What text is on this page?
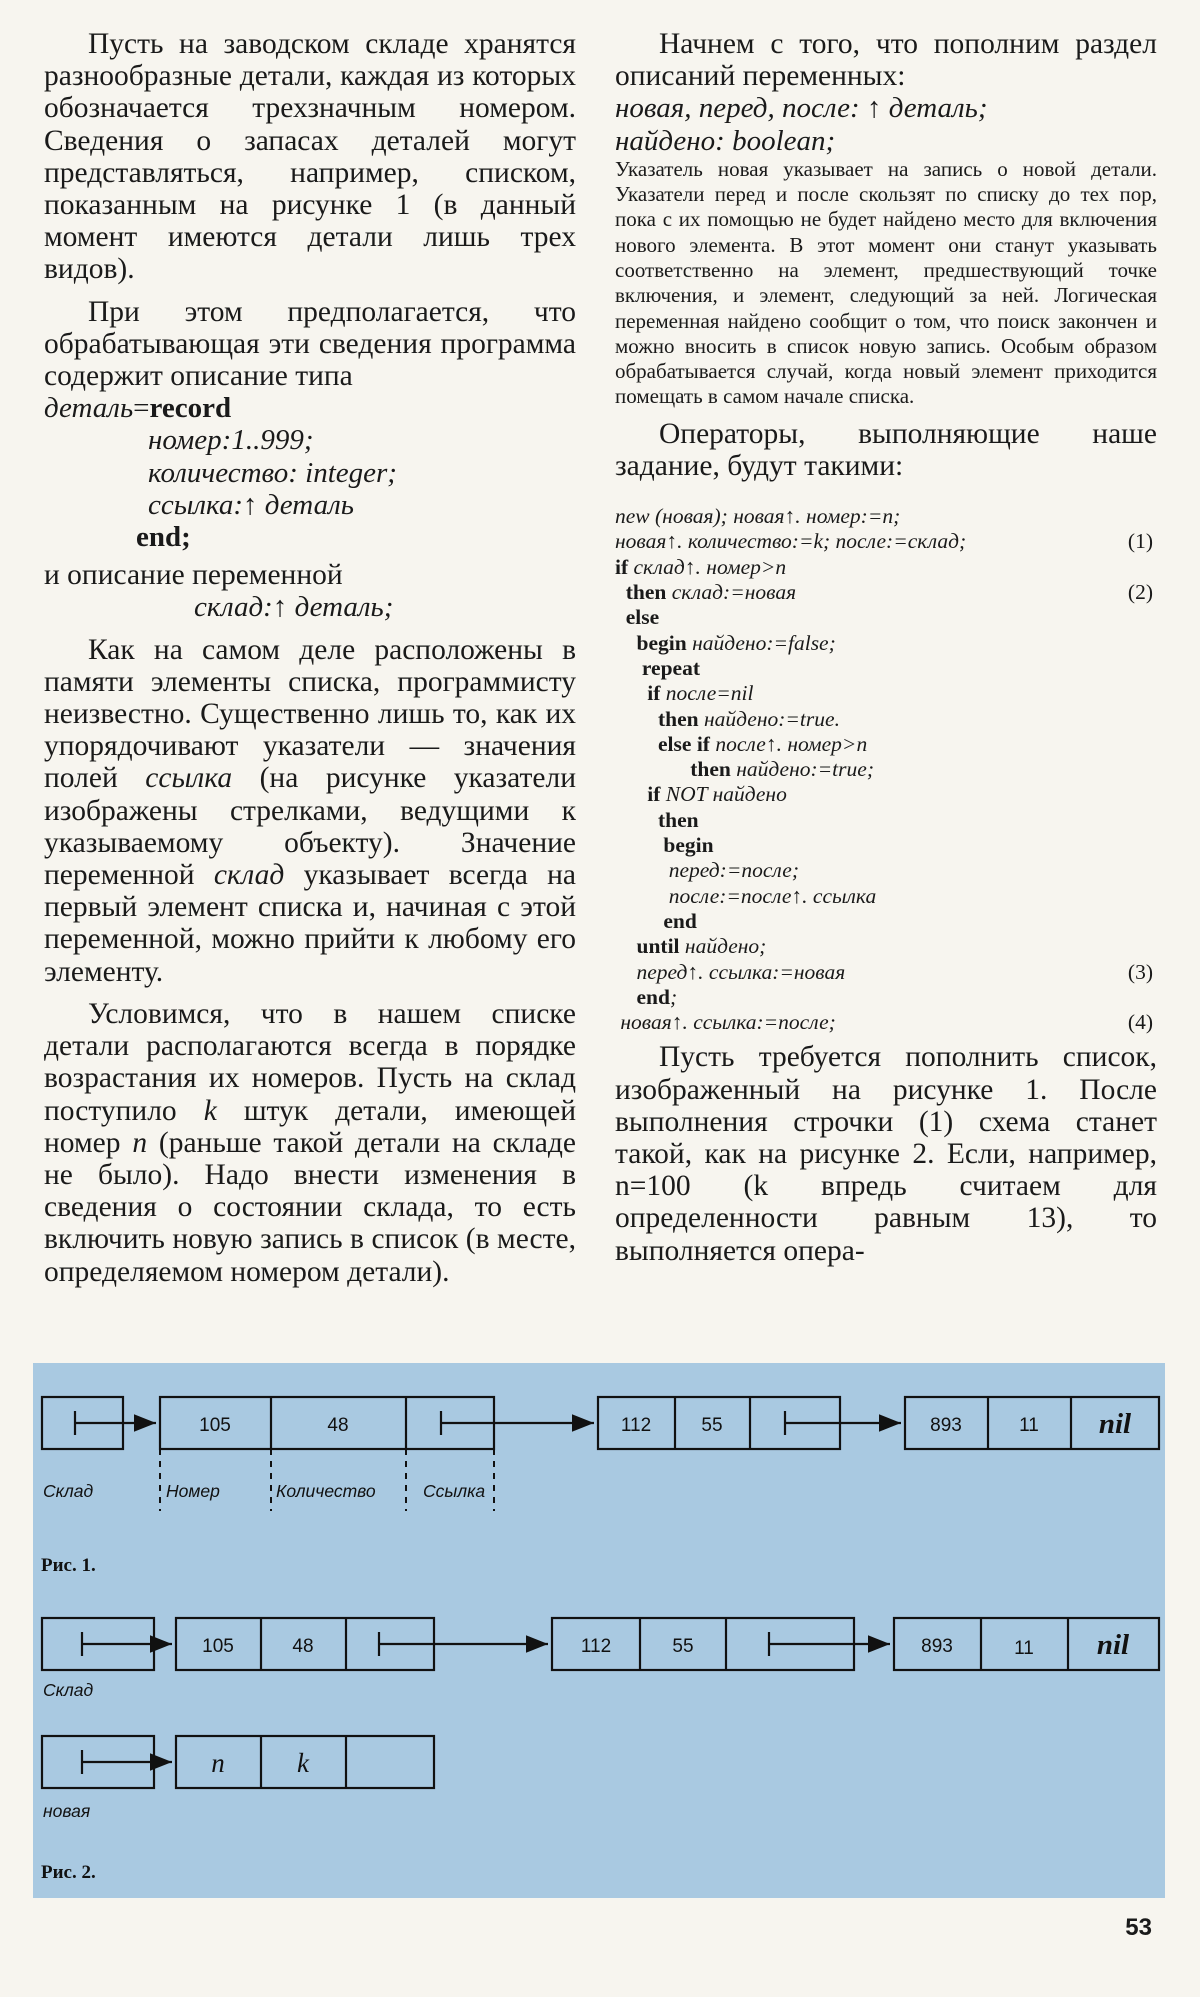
Пусть на заводском складе хранятся разнообразные детали, каждая из которых обозначается трехзначным номером. Сведения о запасах деталей могут представляться, например, списком, показанным на рисунке 1 (в данный момент имеются детали лишь трех видов).

При этом предполагается, что обрабатывающая эти сведения программа содержит описание типа

деталь=record
номер:1..999;
количество: integer;
ссылка:↑ деталь
end;

и описание переменной

склад:↑ деталь;

Как на самом деле расположены в памяти элементы списка, программисту неизвестно. Существенно лишь то, как их упорядочивают указатели — значения полей ссылка (на рисунке указатели изображены стрелками, ведущими к указываемому объекту). Значение переменной склад указывает всегда на первый элемент списка и, начиная с этой переменной, можно прийти к любому его элементу.

Условимся, что в нашем списке детали располагаются всегда в порядке возрастания их номеров. Пусть на склад поступило k штук детали, имеющей номер n (раньше такой детали на складе не было). Надо внести изменения в сведения о состоянии склада, то есть включить новую запись в список (в месте, определяемом номером детали).

Начнем с того, что пополним раздел описаний переменных:

новая, перед, после: ↑ деталь;
найдено: boolean;

Указатель новая указывает на запись о новой детали. Указатели перед и после скользят по списку до тех пор, пока с их помощью не будет найдено место для включения нового элемента. В этот момент они станут указывать соответственно на элемент, предшествующий точке включения, и элемент, следующий за ней. Логическая переменная найдено сообщит о том, что поиск закончен и можно вносить в список новую запись. Особым образом обрабатывается случай, когда новый элемент приходится помещать в самом начале списка.

Операторы, выполняющие наше задание, будут такими:

new (новая); новая↑. номер:=n;
новая↑. количество:=k; после:=склад;	(1)
if склад↑. номер>n
then склад:=новая	(2)
else
begin найдено:=false;
repeat
if после=nil
then найдено:=true.
else if после↑. номер>n
then найдено:=true;
if NOT найдено
then
begin
перед:=после;
после:=после↑. ссылка
end
until найдено;
перед↑. ссылка:=новая	(3)
end;
новая↑. ссылка:=после;	(4)

Пусть требуется пополнить список, изображенный на рисунке 1. После выполнения строчки (1) схема станет такой, как на рисунке 2. Если, например, n=100 (k впредь считаем для определенности равным 13), то выполняется опера-

105	48	112	55	893	11 nil
105	48	112	55	893	11 nil
n	k
Склад	Номер	Количество	Ссылка
Склад
новая
Рис. 1.
Рис. 2.
53
